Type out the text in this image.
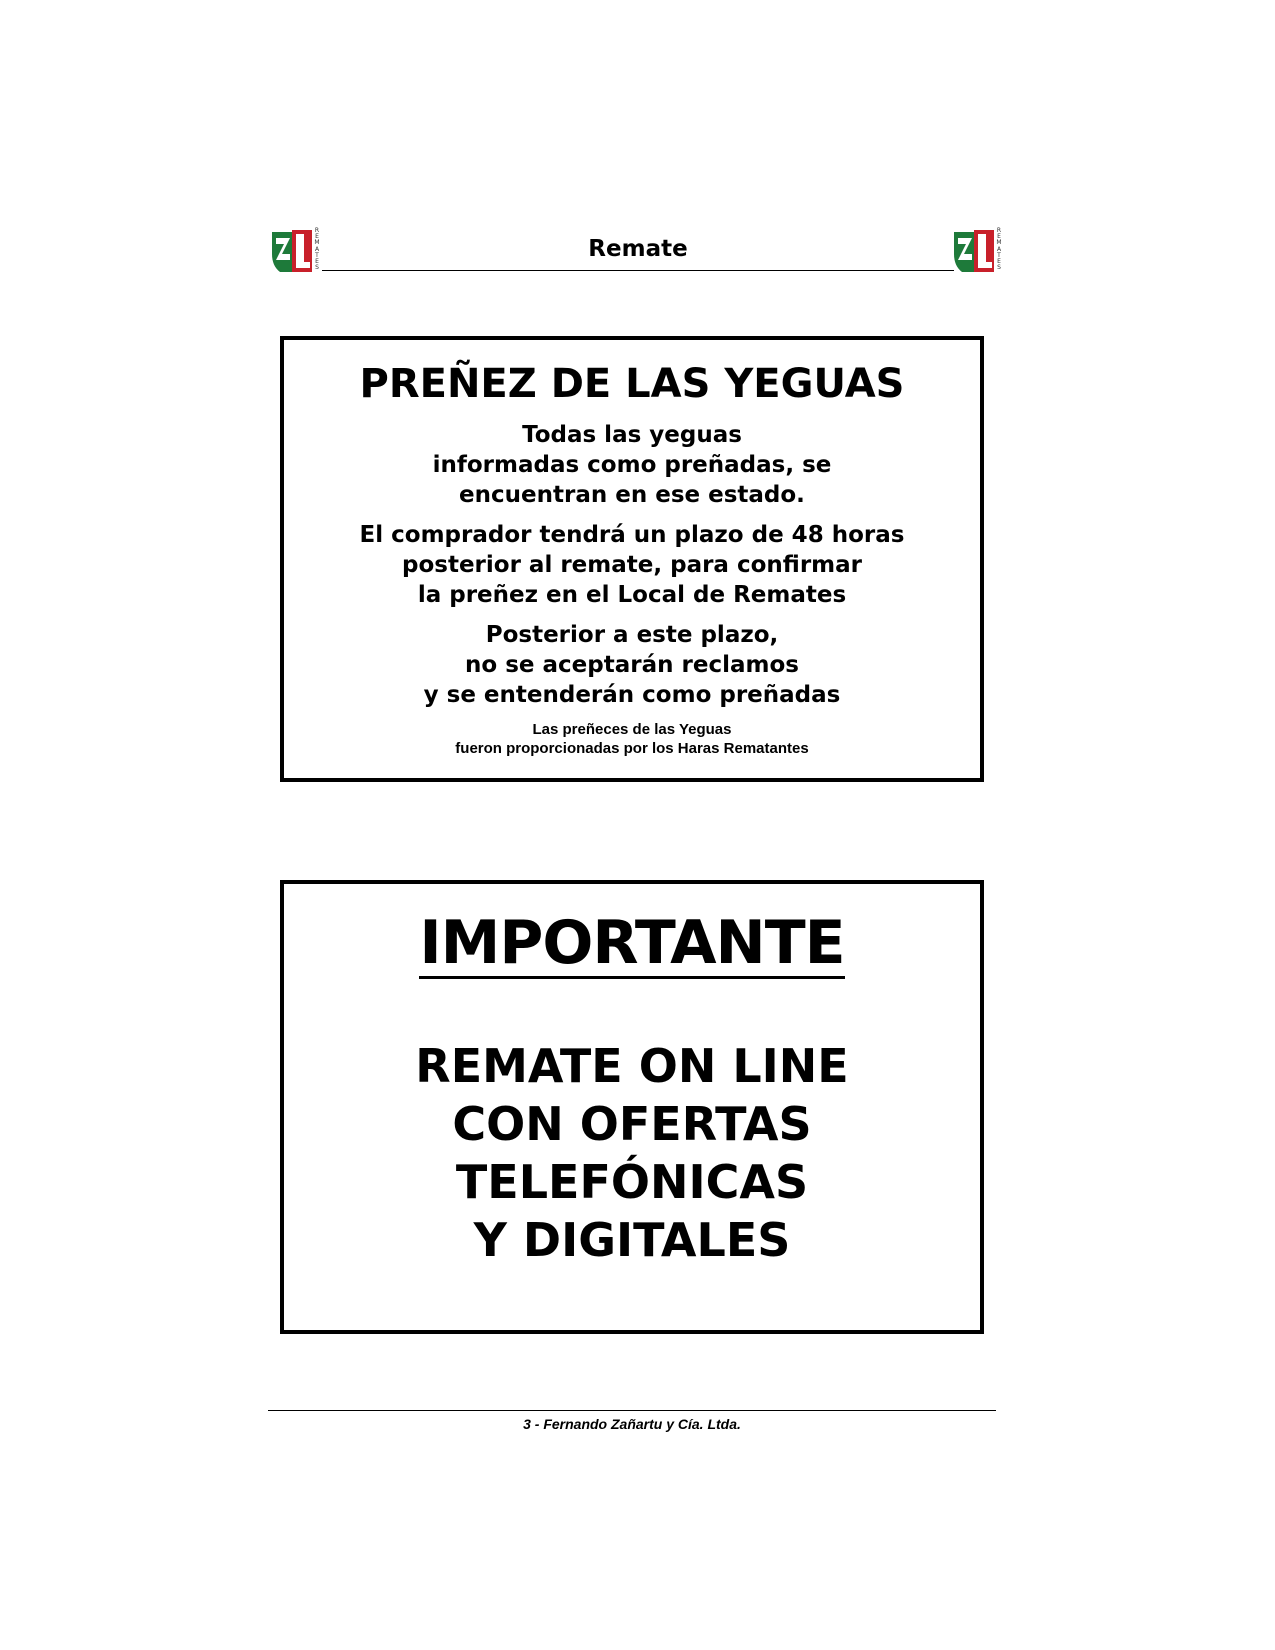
R
E
M
A
T
E
S
Remate
R
E
M
A
T
E
S
PREÑEZ DE LAS YEGUAS
Todas las yeguas
informadas como preñadas, se
encuentran en ese estado.
El comprador tendrá un plazo de 48 horas
posterior al remate, para confirmar
la preñez en el Local de Remates
Posterior a este plazo,
no se aceptarán reclamos
y se entenderán como preñadas
Las preñeces de las Yeguas
fueron proporcionadas por los Haras Rematantes
IMPORTANTE
REMATE ON LINE
CON OFERTAS
TELEFÓNICAS
Y DIGITALES
3 - Fernando Zañartu y Cía. Ltda.
